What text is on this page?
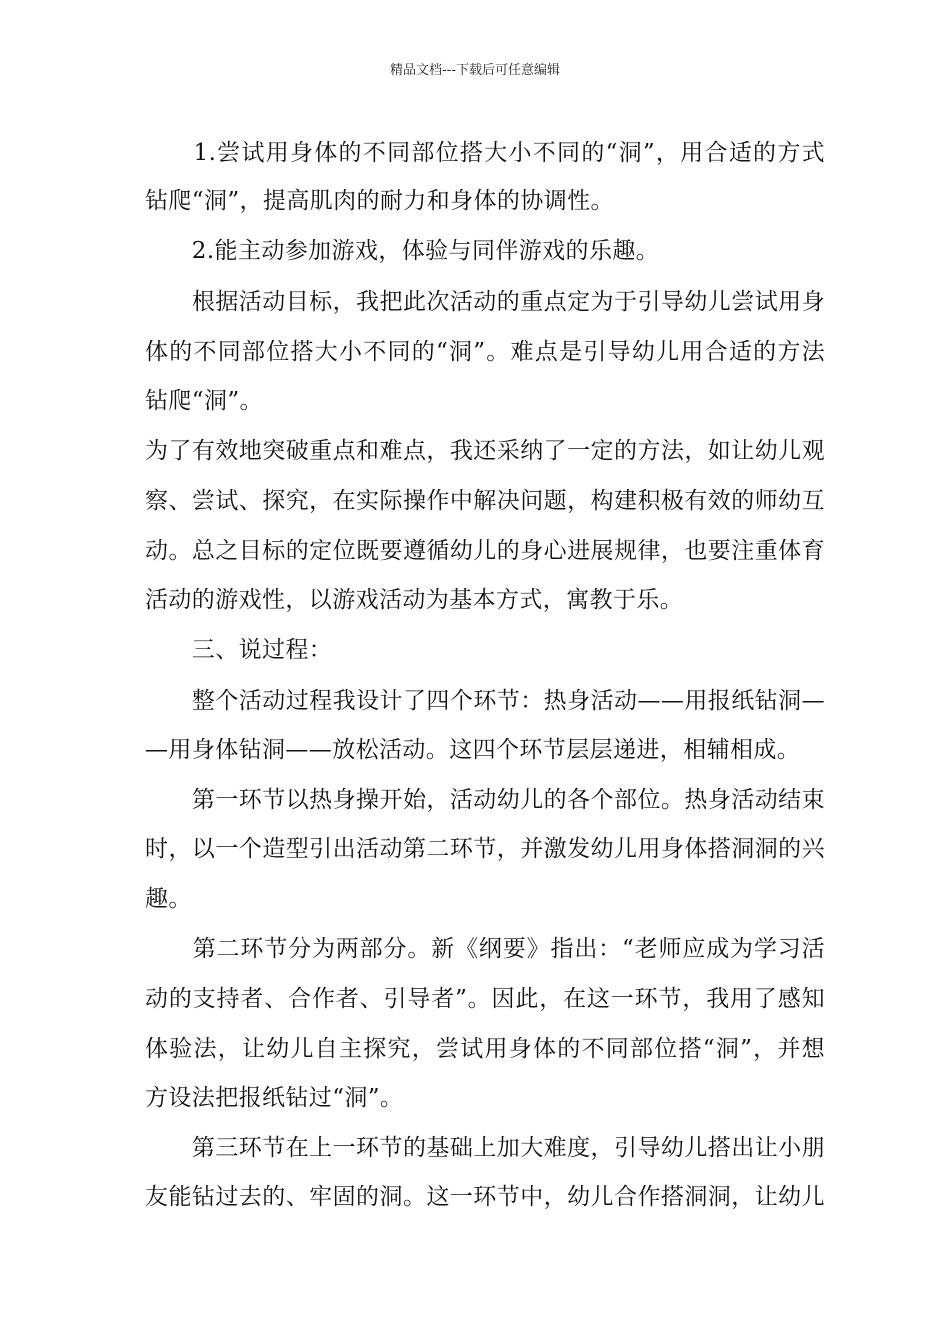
精品文档---下载后可任意编辑
　　1.尝试用身体的不同部位搭大小不同的“洞”，用合适的方式
钻爬“洞”，提高肌肉的耐力和身体的协调性。
　　2.能主动参加游戏，体验与同伴游戏的乐趣。
　　根据活动目标，我把此次活动的重点定为于引导幼儿尝试用身
体的不同部位搭大小不同的“洞”。难点是引导幼儿用合适的方法
钻爬“洞”。
为了有效地突破重点和难点，我还采纳了一定的方法，如让幼儿观
察、尝试、探究，在实际操作中解决问题，构建积极有效的师幼互
动。总之目标的定位既要遵循幼儿的身心进展规律，也要注重体育
活动的游戏性，以游戏活动为基本方式，寓教于乐。
　　三、说过程：
　　整个活动过程我设计了四个环节：热身活动——用报纸钻洞—
—用身体钻洞——放松活动。这四个环节层层递进，相辅相成。
　　第一环节以热身操开始，活动幼儿的各个部位。热身活动结束
时，以一个造型引出活动第二环节，并激发幼儿用身体搭洞洞的兴
趣。
　　第二环节分为两部分。新《纲要》指出：“老师应成为学习活
动的支持者、合作者、引导者”。因此，在这一环节，我用了感知
体验法，让幼儿自主探究，尝试用身体的不同部位搭“洞”，并想
方设法把报纸钻过“洞”。
　　第三环节在上一环节的基础上加大难度，引导幼儿搭出让小朋
友能钻过去的、牢固的洞。这一环节中，幼儿合作搭洞洞，让幼儿
